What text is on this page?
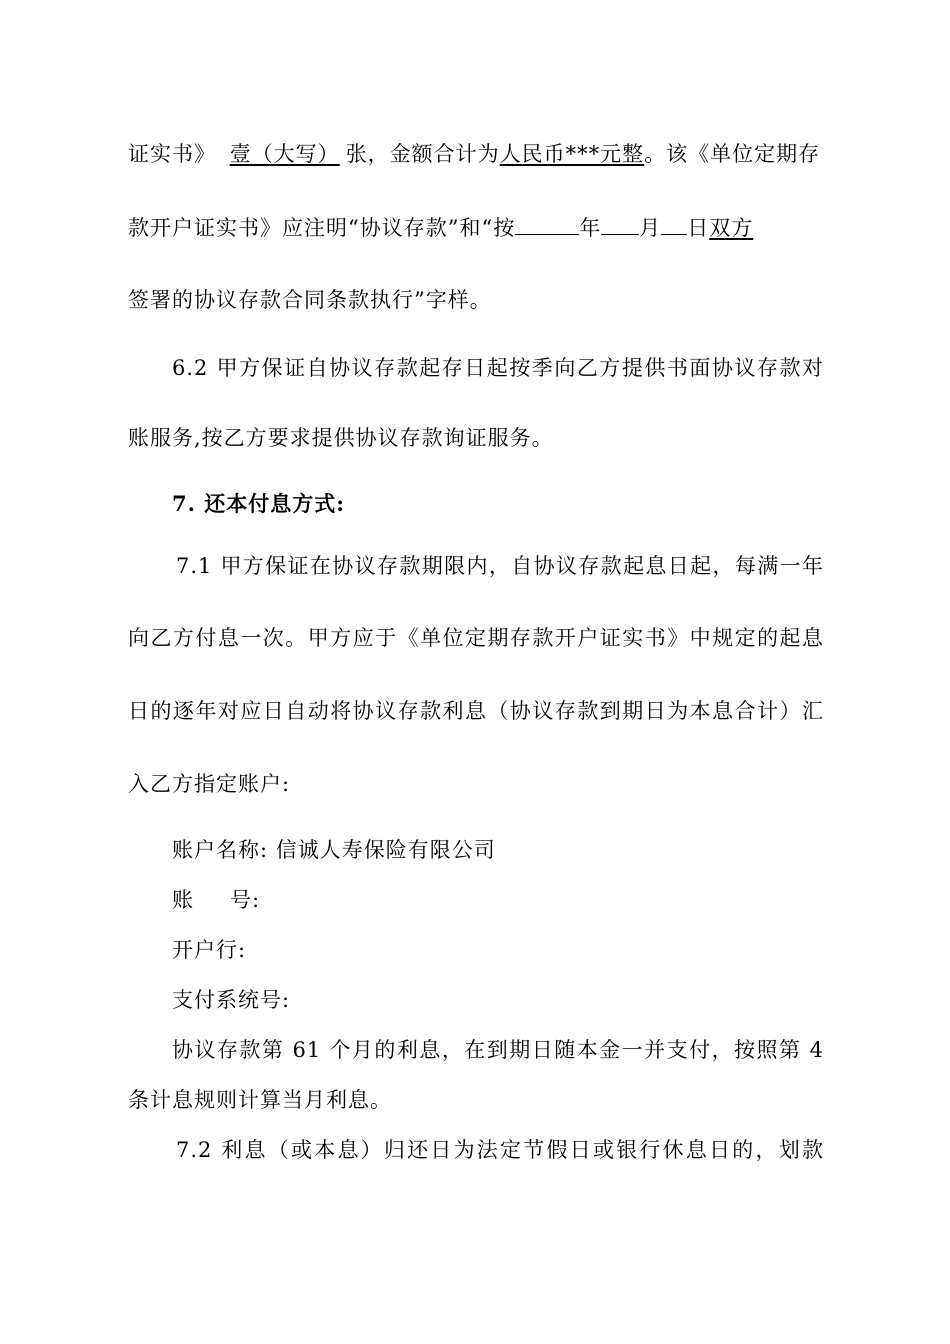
证实书》 壹（大写） 张，金额合计为人民币***元整。该《单位定期存
款开户证实书》应注明“协议存款”和“按	年 月 日双方
签署的协议存款合同条款执行”字样。
6.2 甲方保证自协议存款起存日起按季向乙方提供书面协议存款对
账服务,按乙方要求提供协议存款询证服务。
7. 还本付息方式:
7.1 甲方保证在协议存款期限内，自协议存款起息日起，每满一年
向乙方付息一次。甲方应于《单位定期存款开户证实书》中规定的起息
日的逐年对应日自动将协议存款利息（协议存款到期日为本息合计）汇
入乙方指定账户:
账户名称: 信诚人寿保险有限公司
账 号:
开户行:
支付系统号:
协议存款第 61 个月的利息，在到期日随本金一并支付，按照第 4
条计息规则计算当月利息。
7.2 利息（或本息）归还日为法定节假日或银行休息日的，划款
